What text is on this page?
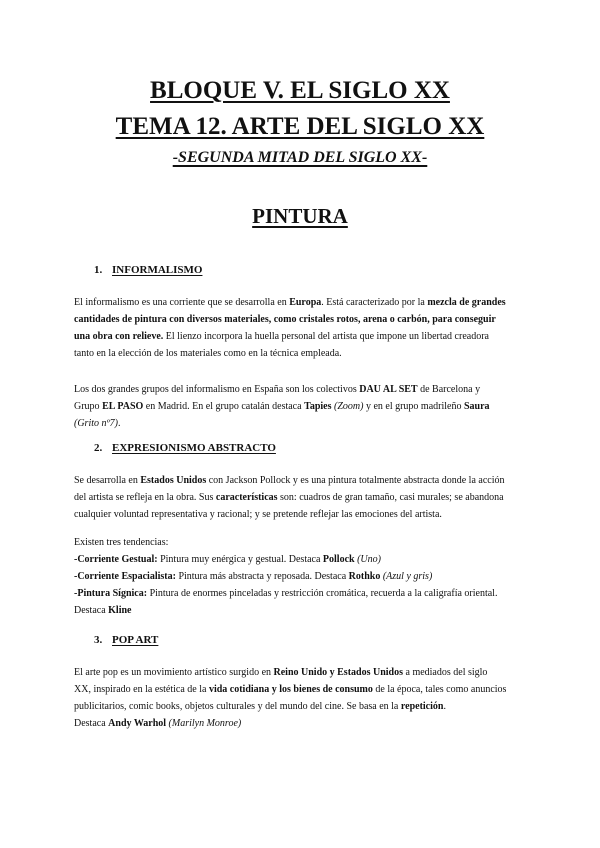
BLOQUE V. EL SIGLO XX
TEMA 12. ARTE DEL SIGLO XX
-SEGUNDA MITAD DEL SIGLO XX-
PINTURA
1. INFORMALISMO

El informalismo es una corriente que se desarrolla en Europa. Está caracterizado por la mezcla de grandes
cantidades de pintura con diversos materiales, como cristales rotos, arena o carbón, para conseguir
una obra con relieve. El lienzo incorpora la huella personal del artista que impone un libertad creadora
tanto en la elección de los materiales como en la técnica empleada.

Los dos grandes grupos del informalismo en España son los colectivos DAU AL SET de Barcelona y
Grupo EL PASO en Madrid. En el grupo catalán destaca Tapies (Zoom) y en el grupo madrileño Saura
(Grito nº7).

2. EXPRESIONISMO ABSTRACTO

Se desarrolla en Estados Unidos con Jackson Pollock y es una pintura totalmente abstracta donde la acción
del artista se refleja en la obra. Sus características son: cuadros de gran tamaño, casi murales; se abandona
cualquier voluntad representativa y racional; y se pretende reflejar las emociones del artista.

Existen tres tendencias:

-Corriente Gestual: Pintura muy enérgica y gestual. Destaca Pollock (Uno)
-Corriente Espacialista: Pintura más abstracta y reposada. Destaca Rothko (Azul y gris)
-Pintura Sígnica: Pintura de enormes pinceladas y restricción cromática, recuerda a la caligrafía oriental.
Destaca Kline

3. POP ART

El arte pop es un movimiento artístico surgido en Reino Unido y Estados Unidos a mediados del siglo
XX, inspirado en la estética de la vida cotidiana y los bienes de consumo de la época, tales como anuncios
publicitarios, comic books, objetos culturales y del mundo del cine. Se basa en la repetición.
Destaca Andy Warhol (Marilyn Monroe)
